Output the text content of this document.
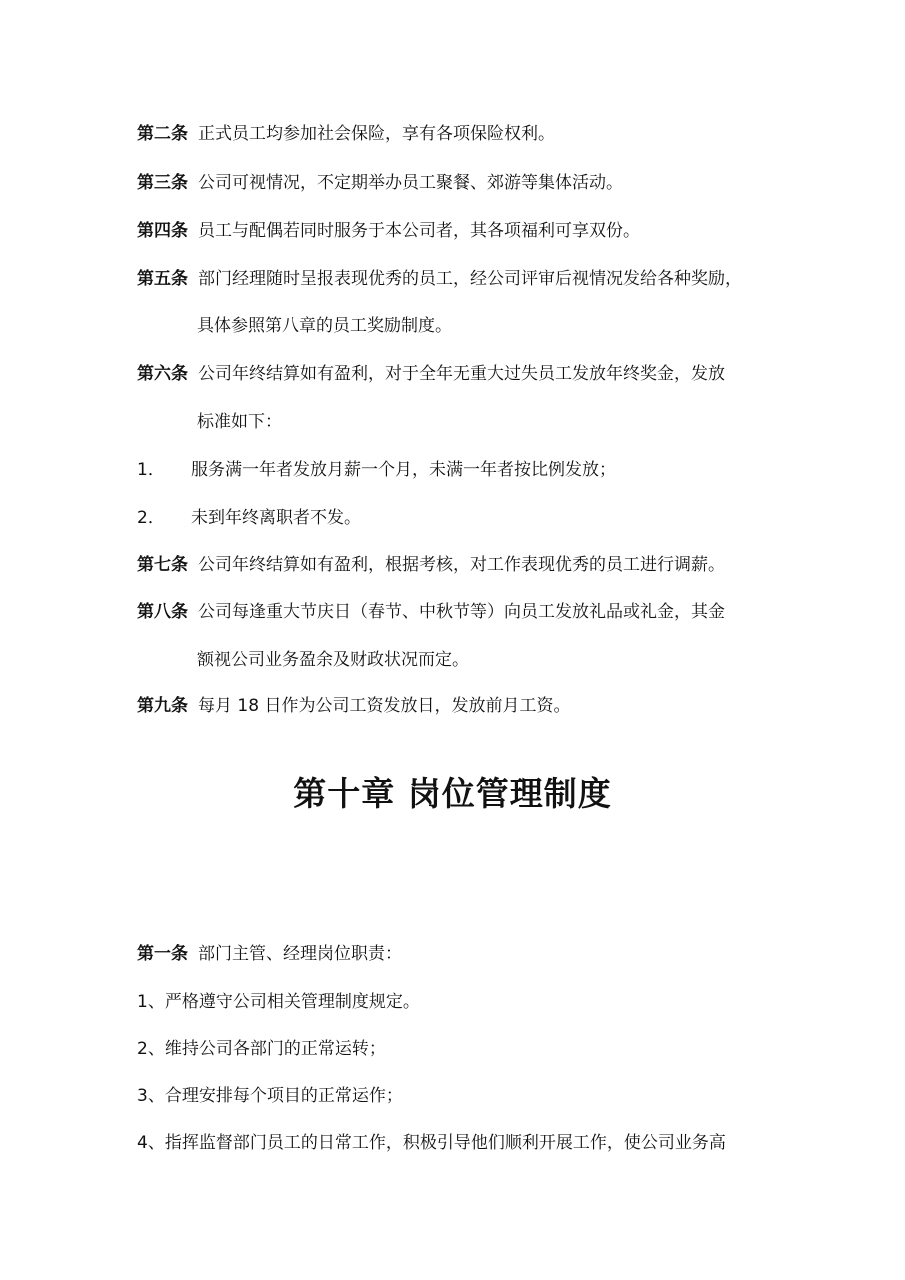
第二条 正式员工均参加社会保险，享有各项保险权利。
第三条 公司可视情况，不定期举办员工聚餐、郊游等集体活动。
第四条 员工与配偶若同时服务于本公司者，其各项福利可享双份。
第五条 部门经理随时呈报表现优秀的员工，经公司评审后视情况发给各种奖励，
具体参照第八章的员工奖励制度。
第六条 公司年终结算如有盈利，对于全年无重大过失员工发放年终奖金，发放
标准如下：
1． 服务满一年者发放月薪一个月，未满一年者按比例发放；
2． 未到年终离职者不发。
第七条 公司年终结算如有盈利，根据考核，对工作表现优秀的员工进行调薪。
第八条 公司每逢重大节庆日（春节、中秋节等）向员工发放礼品或礼金，其金
额视公司业务盈余及财政状况而定。
第九条 每月 18 日作为公司工资发放日，发放前月工资。
第十章 岗位管理制度
第一条 部门主管、经理岗位职责：
1、严格遵守公司相关管理制度规定。
2、维持公司各部门的正常运转；
3、合理安排每个项目的正常运作；
4、指挥监督部门员工的日常工作，积极引导他们顺利开展工作，使公司业务高
